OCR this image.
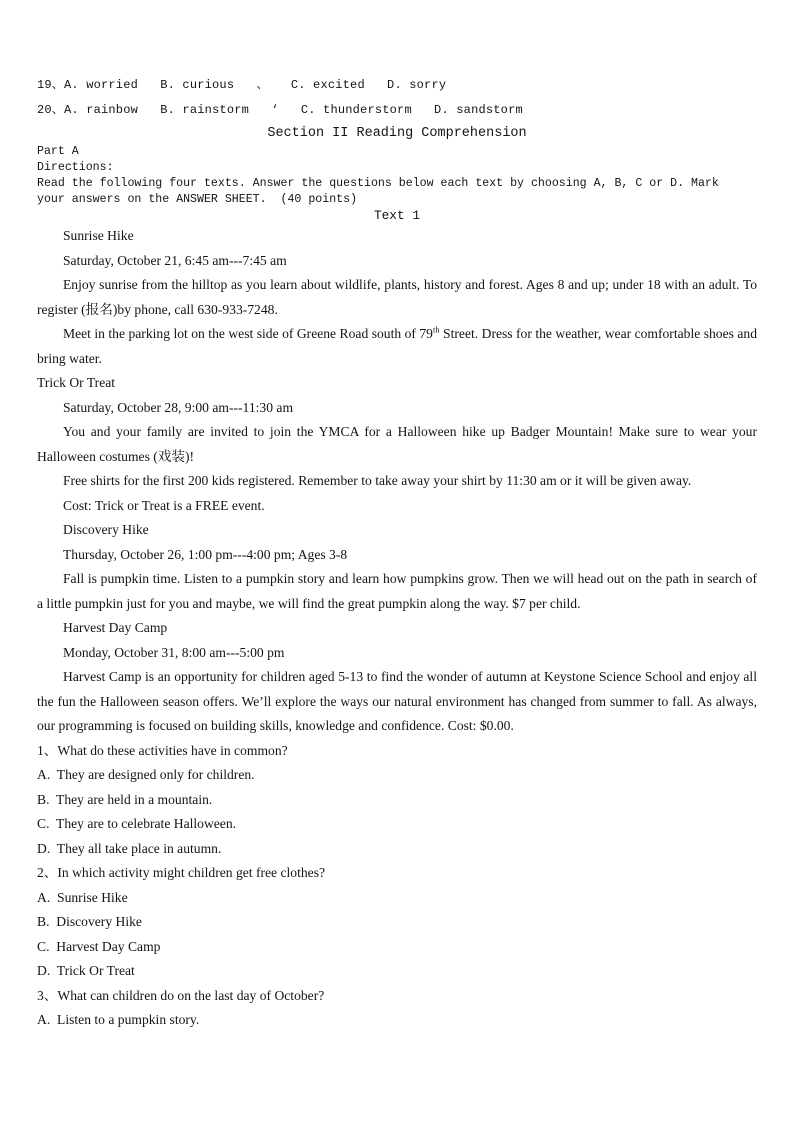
19、A. worried   B. curious   、   C. excited   D. sorry
20、A. rainbow   B. rainstorm   ‘   C. thunderstorm   D. sandstorm
Section II Reading Comprehension
Part A
Directions:
Read the following four texts. Answer the questions below each text by choosing A, B, C or D. Mark
your answers on the ANSWER SHEET.  (40 points)
Text 1
Sunrise Hike
Saturday, October 21, 6:45 am---7:45 am

Enjoy sunrise from the hilltop as you learn about wildlife, plants, history and forest. Ages 8 and up; under 18 with an adult. To register (报名)by phone, call 630-933-7248.

Meet in the parking lot on the west side of Greene Road south of 79th Street. Dress for the weather, wear comfortable shoes and bring water.

Trick Or Treat
Saturday, October 28, 9:00 am---11:30 am

You and your family are invited to join the YMCA for a Halloween hike up Badger Mountain! Make sure to wear your Halloween costumes (戏装)!

Free shirts for the first 200 kids registered. Remember to take away your shirt by 11:30 am or it will be given away.

Cost: Trick or Treat is a FREE event.
Discovery Hike
Thursday, October 26, 1:00 pm---4:00 pm; Ages 3-8

Fall is pumpkin time. Listen to a pumpkin story and learn how pumpkins grow. Then we will head out on the path in search of a little pumpkin just for you and maybe, we will find the great pumpkin along the way. $7 per child.

Harvest Day Camp
Monday, October 31, 8:00 am---5:00 pm

Harvest Camp is an opportunity for children aged 5-13 to find the wonder of autumn at Keystone Science School and enjoy all the fun the Halloween season offers. We’ll explore the ways our natural environment has changed from summer to fall. As always, our programming is focused on building skills, knowledge and confidence. Cost: $0.00.

1、What do these activities have in common?
A.  They are designed only for children.
B.  They are held in a mountain.
C.  They are to celebrate Halloween.
D.  They all take place in autumn.
2、In which activity might children get free clothes?
A.  Sunrise Hike
B.  Discovery Hike
C.  Harvest Day Camp
D.  Trick Or Treat
3、What can children do on the last day of October?
A.  Listen to a pumpkin story.
